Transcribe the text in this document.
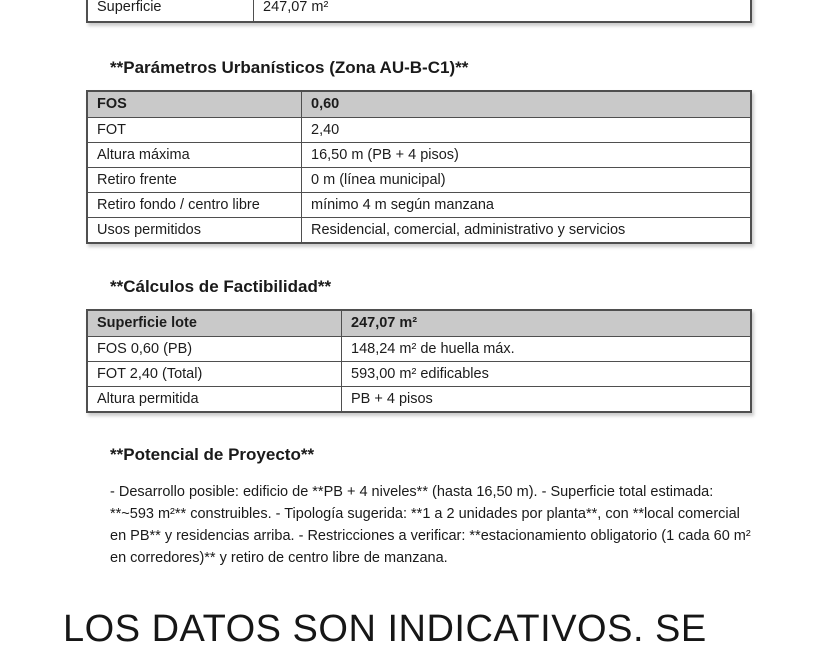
Superficie	247,07 m²
**Parámetros Urbanísticos (Zona AU-B-C1)**
FOS	0,60
FOT	2,40
Altura máxima	16,50 m (PB + 4 pisos)
Retiro frente	0 m (línea municipal)
Retiro fondo / centro libre	mínimo 4 m según manzana
Usos permitidos	Residencial, comercial, administrativo y servicios
**Cálculos de Factibilidad**
Superficie lote	247,07 m²
FOS 0,60 (PB)	148,24 m² de huella máx.
FOT 2,40 (Total)	593,00 m² edificables
Altura permitida	PB + 4 pisos
**Potencial de Proyecto**

- Desarrollo posible: edificio de **PB + 4 niveles** (hasta 16,50 m). - Superficie total estimada: **~593 m²** construibles. - Tipología sugerida: **1 a 2 unidades por planta**, con **local comercial en PB** y residencias arriba. - Restricciones a verificar: **estacionamiento obligatorio (1 cada 60 m² en corredores)** y retiro de centro libre de manzana.

LOS DATOS SON INDICATIVOS. SE
